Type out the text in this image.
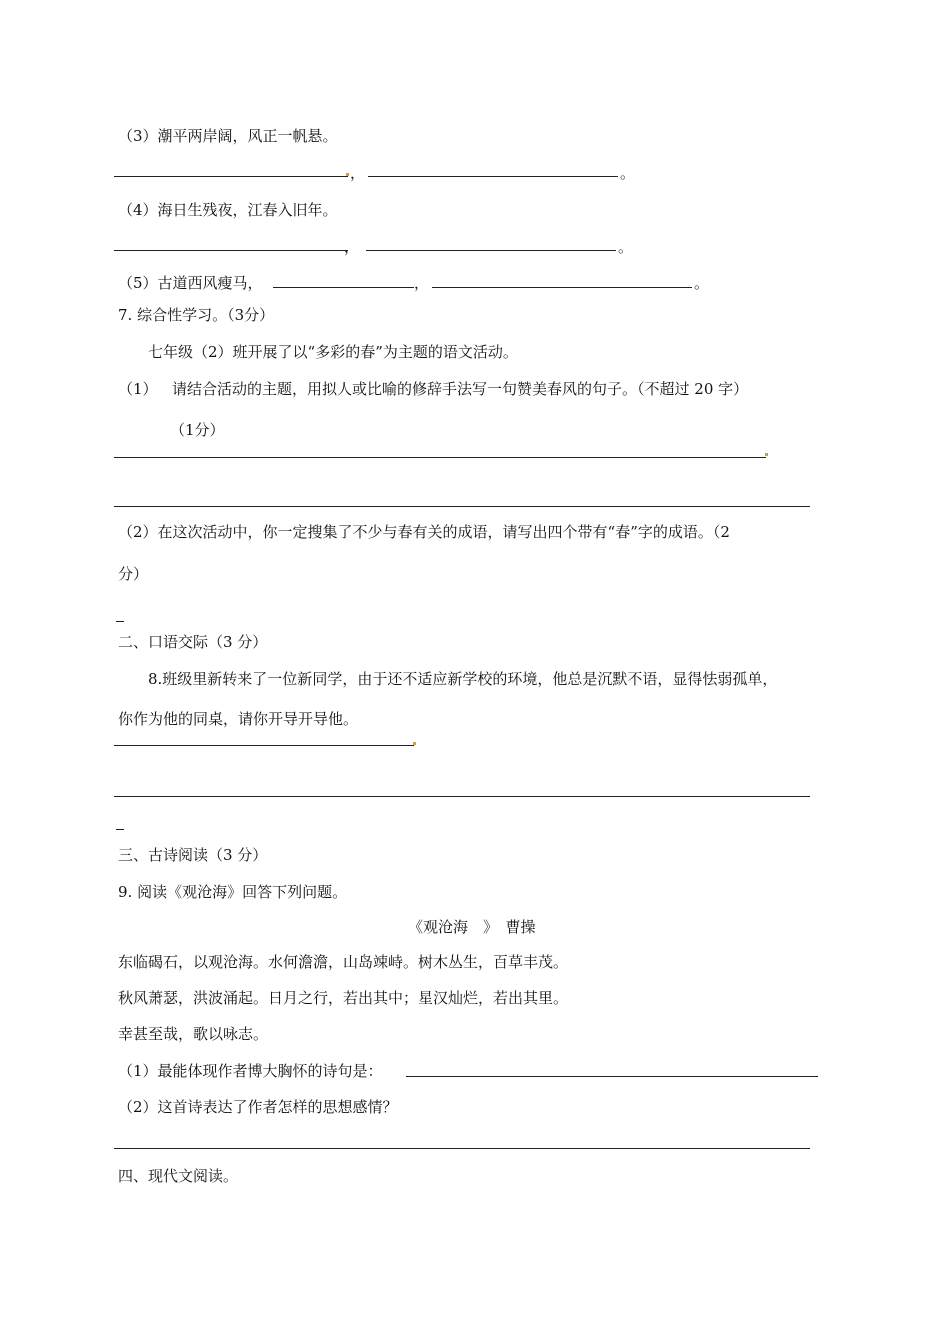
（3）潮平两岸阔，风正一帆悬。
，	。
（4）海日生残夜，江春入旧年。
，	。
（5）古道西风瘦马，	，	。
7. 综合性学习。（3分）
七年级（2）班开展了以“多彩的春”为主题的语文活动。
（1） 请结合活动的主题，用拟人或比喻的修辞手法写一句赞美春风的句子。（不超过 20 字）
（1分）
（2）在这次活动中，你一定搜集了不少与春有关的成语，请写出四个带有“春”字的成语。（2
分）
二、口语交际（3 分）
8.班级里新转来了一位新同学，由于还不适应新学校的环境，他总是沉默不语，显得怯弱孤单，
你作为他的同桌，请你开导开导他。
三、古诗阅读（3 分）
9. 阅读《观沧海》回答下列问题。
《观沧海　》　曹操
东临碣石，以观沧海。水何澹澹，山岛竦峙。树木丛生，百草丰茂。
秋风萧瑟，洪波涌起。日月之行，若出其中；星汉灿烂，若出其里。
幸甚至哉，歌以咏志。
（1）最能体现作者博大胸怀的诗句是：
（2）这首诗表达了作者怎样的思想感情？
四、现代文阅读。
